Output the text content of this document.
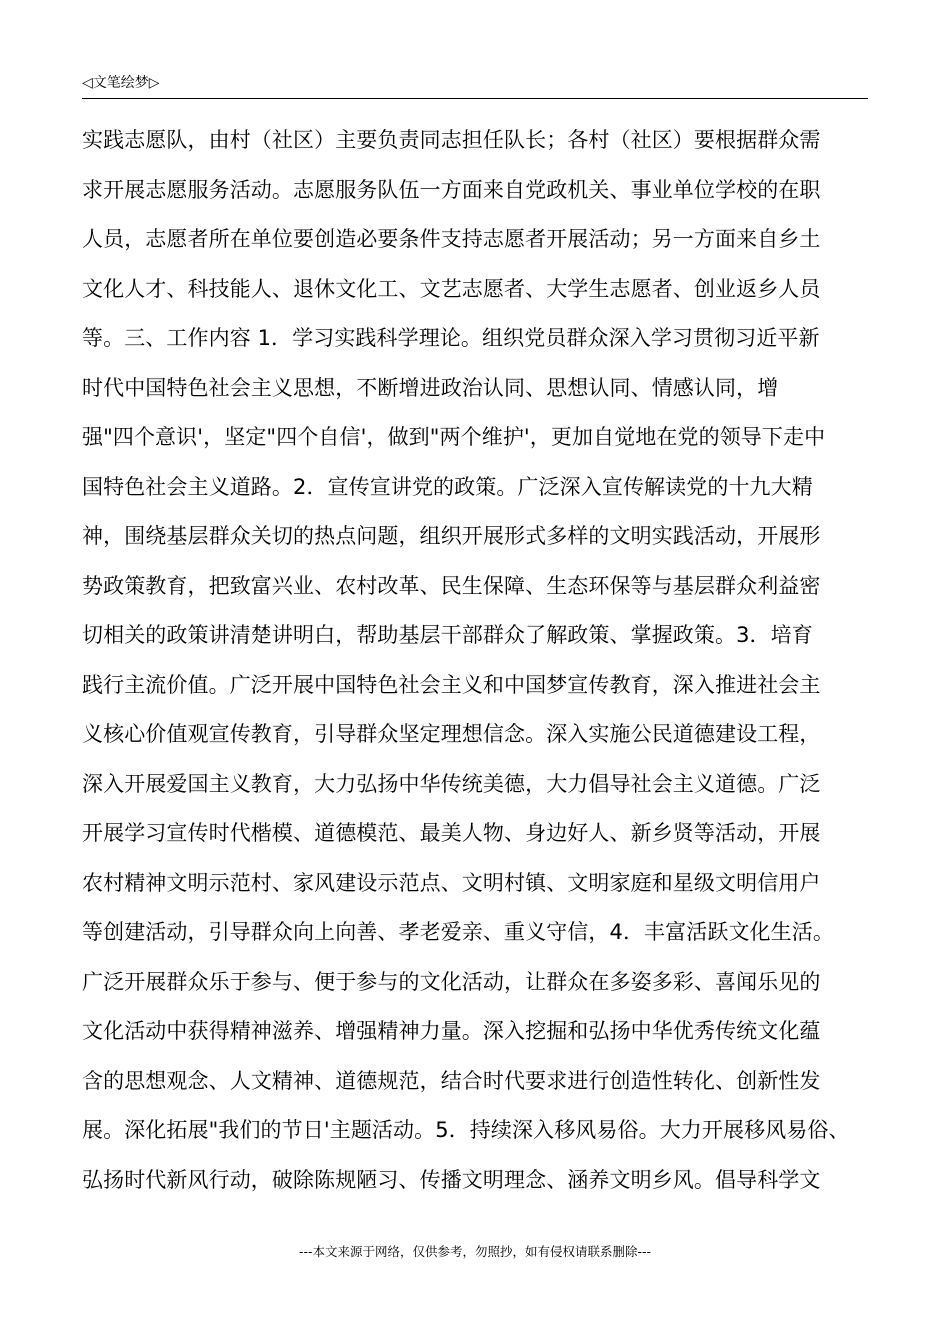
◁文笔绘梦▷
实践志愿队，由村（社区）主要负责同志担任队长；各村（社区）要根据群众需
求开展志愿服务活动。志愿服务队伍一方面来自党政机关、事业单位学校的在职
人员，志愿者所在单位要创造必要条件支持志愿者开展活动；另一方面来自乡土
文化人才、科技能人、退休文化工、文艺志愿者、大学生志愿者、创业返乡人员
等。三、工作内容 1．学习实践科学理论。组织党员群众深入学习贯彻习近平新
时代中国特色社会主义思想，不断增进政治认同、思想认同、情感认同，增
强"四个意识'，坚定"四个自信'，做到"两个维护'，更加自觉地在党的领导下走中
国特色社会主义道路。2．宣传宣讲党的政策。广泛深入宣传解读党的十九大精
神，围绕基层群众关切的热点问题，组织开展形式多样的文明实践活动，开展形
势政策教育，把致富兴业、农村改革、民生保障、生态环保等与基层群众利益密
切相关的政策讲清楚讲明白，帮助基层干部群众了解政策、掌握政策。3．培育
践行主流价值。广泛开展中国特色社会主义和中国梦宣传教育，深入推进社会主
义核心价值观宣传教育，引导群众坚定理想信念。深入实施公民道德建设工程，
深入开展爱国主义教育，大力弘扬中华传统美德，大力倡导社会主义道德。广泛
开展学习宣传时代楷模、道德模范、最美人物、身边好人、新乡贤等活动，开展
农村精神文明示范村、家风建设示范点、文明村镇、文明家庭和星级文明信用户
等创建活动，引导群众向上向善、孝老爱亲、重义守信，4．丰富活跃文化生活。
广泛开展群众乐于参与、便于参与的文化活动，让群众在多姿多彩、喜闻乐见的
文化活动中获得精神滋养、增强精神力量。深入挖掘和弘扬中华优秀传统文化蕴
含的思想观念、人文精神、道德规范，结合时代要求进行创造性转化、创新性发
展。深化拓展"我们的节日'主题活动。5．持续深入移风易俗。大力开展移风易俗、
弘扬时代新风行动，破除陈规陋习、传播文明理念、涵养文明乡风。倡导科学文
---本文来源于网络，仅供参考，勿照抄，如有侵权请联系删除---
